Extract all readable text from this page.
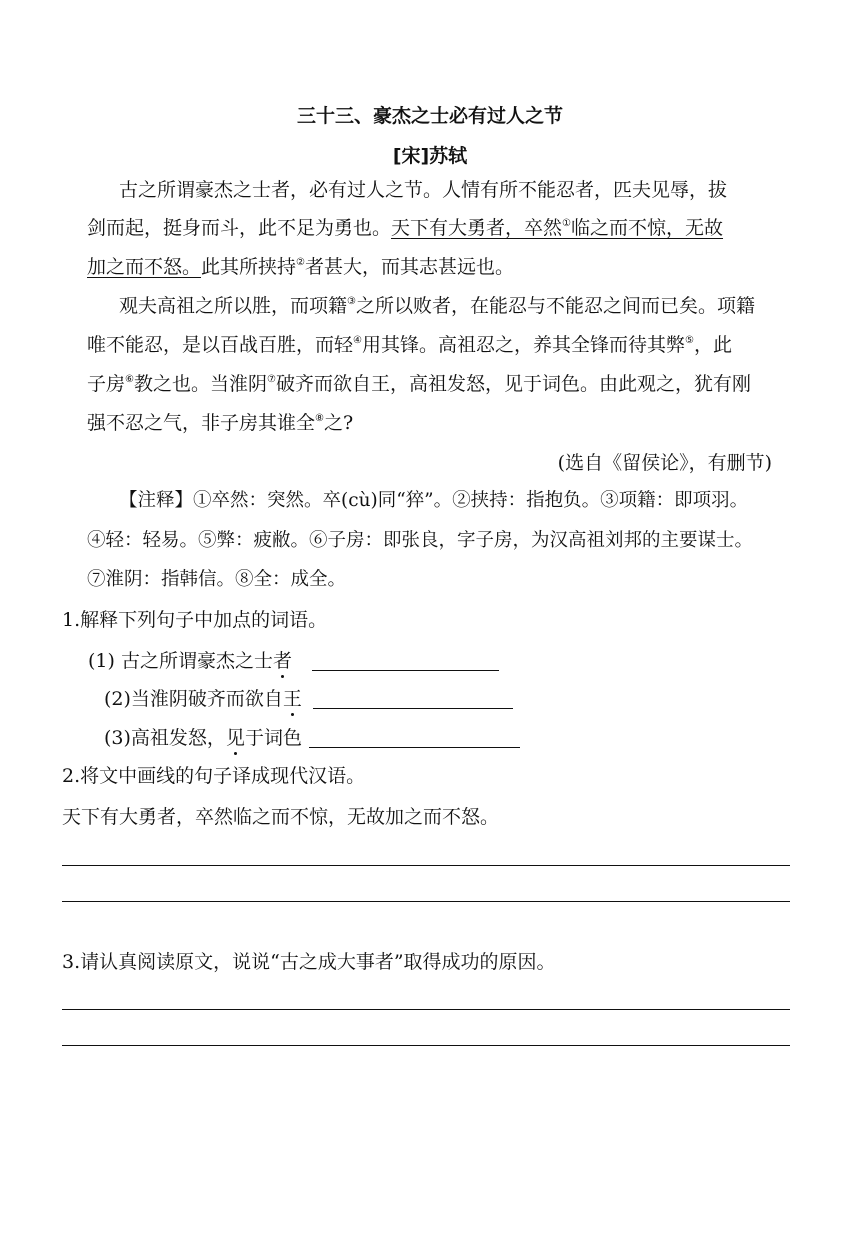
三十三、豪杰之士必有过人之节
[宋]苏轼
古之所谓豪杰之士者，必有过人之节。人情有所不能忍者，匹夫见辱，拔
剑而起，挺身而斗，此不足为勇也。天下有大勇者，卒然①临之而不惊，无故
加之而不怒。此其所挟持②者甚大，而其志甚远也。
观夫高祖之所以胜，而项籍③之所以败者，在能忍与不能忍之间而已矣。项籍
唯不能忍，是以百战百胜，而轻④用其锋。高祖忍之，养其全锋而待其弊⑤，此
子房⑥教之也。当淮阴⑦破齐而欲自王，高祖发怒，见于词色。由此观之，犹有刚
强不忍之气，非子房其谁全⑧之?
(选自《留侯论》，有删节)
【注释】①卒然：突然。卒(cù)同“猝”。②挟持：指抱负。③项籍：即项羽。
④轻：轻易。⑤弊：疲敝。⑥子房：即张良，字子房，为汉高祖刘邦的主要谋士。
⑦淮阴：指韩信。⑧全：成全。
1.解释下列句子中加点的词语。
(1) 古之所谓豪杰之士者
(2)当淮阴破齐而欲自王
(3)高祖发怒，见于词色
2.将文中画线的句子译成现代汉语。
天下有大勇者，卒然临之而不惊，无故加之而不怒。
3.请认真阅读原文，说说“古之成大事者”取得成功的原因。
